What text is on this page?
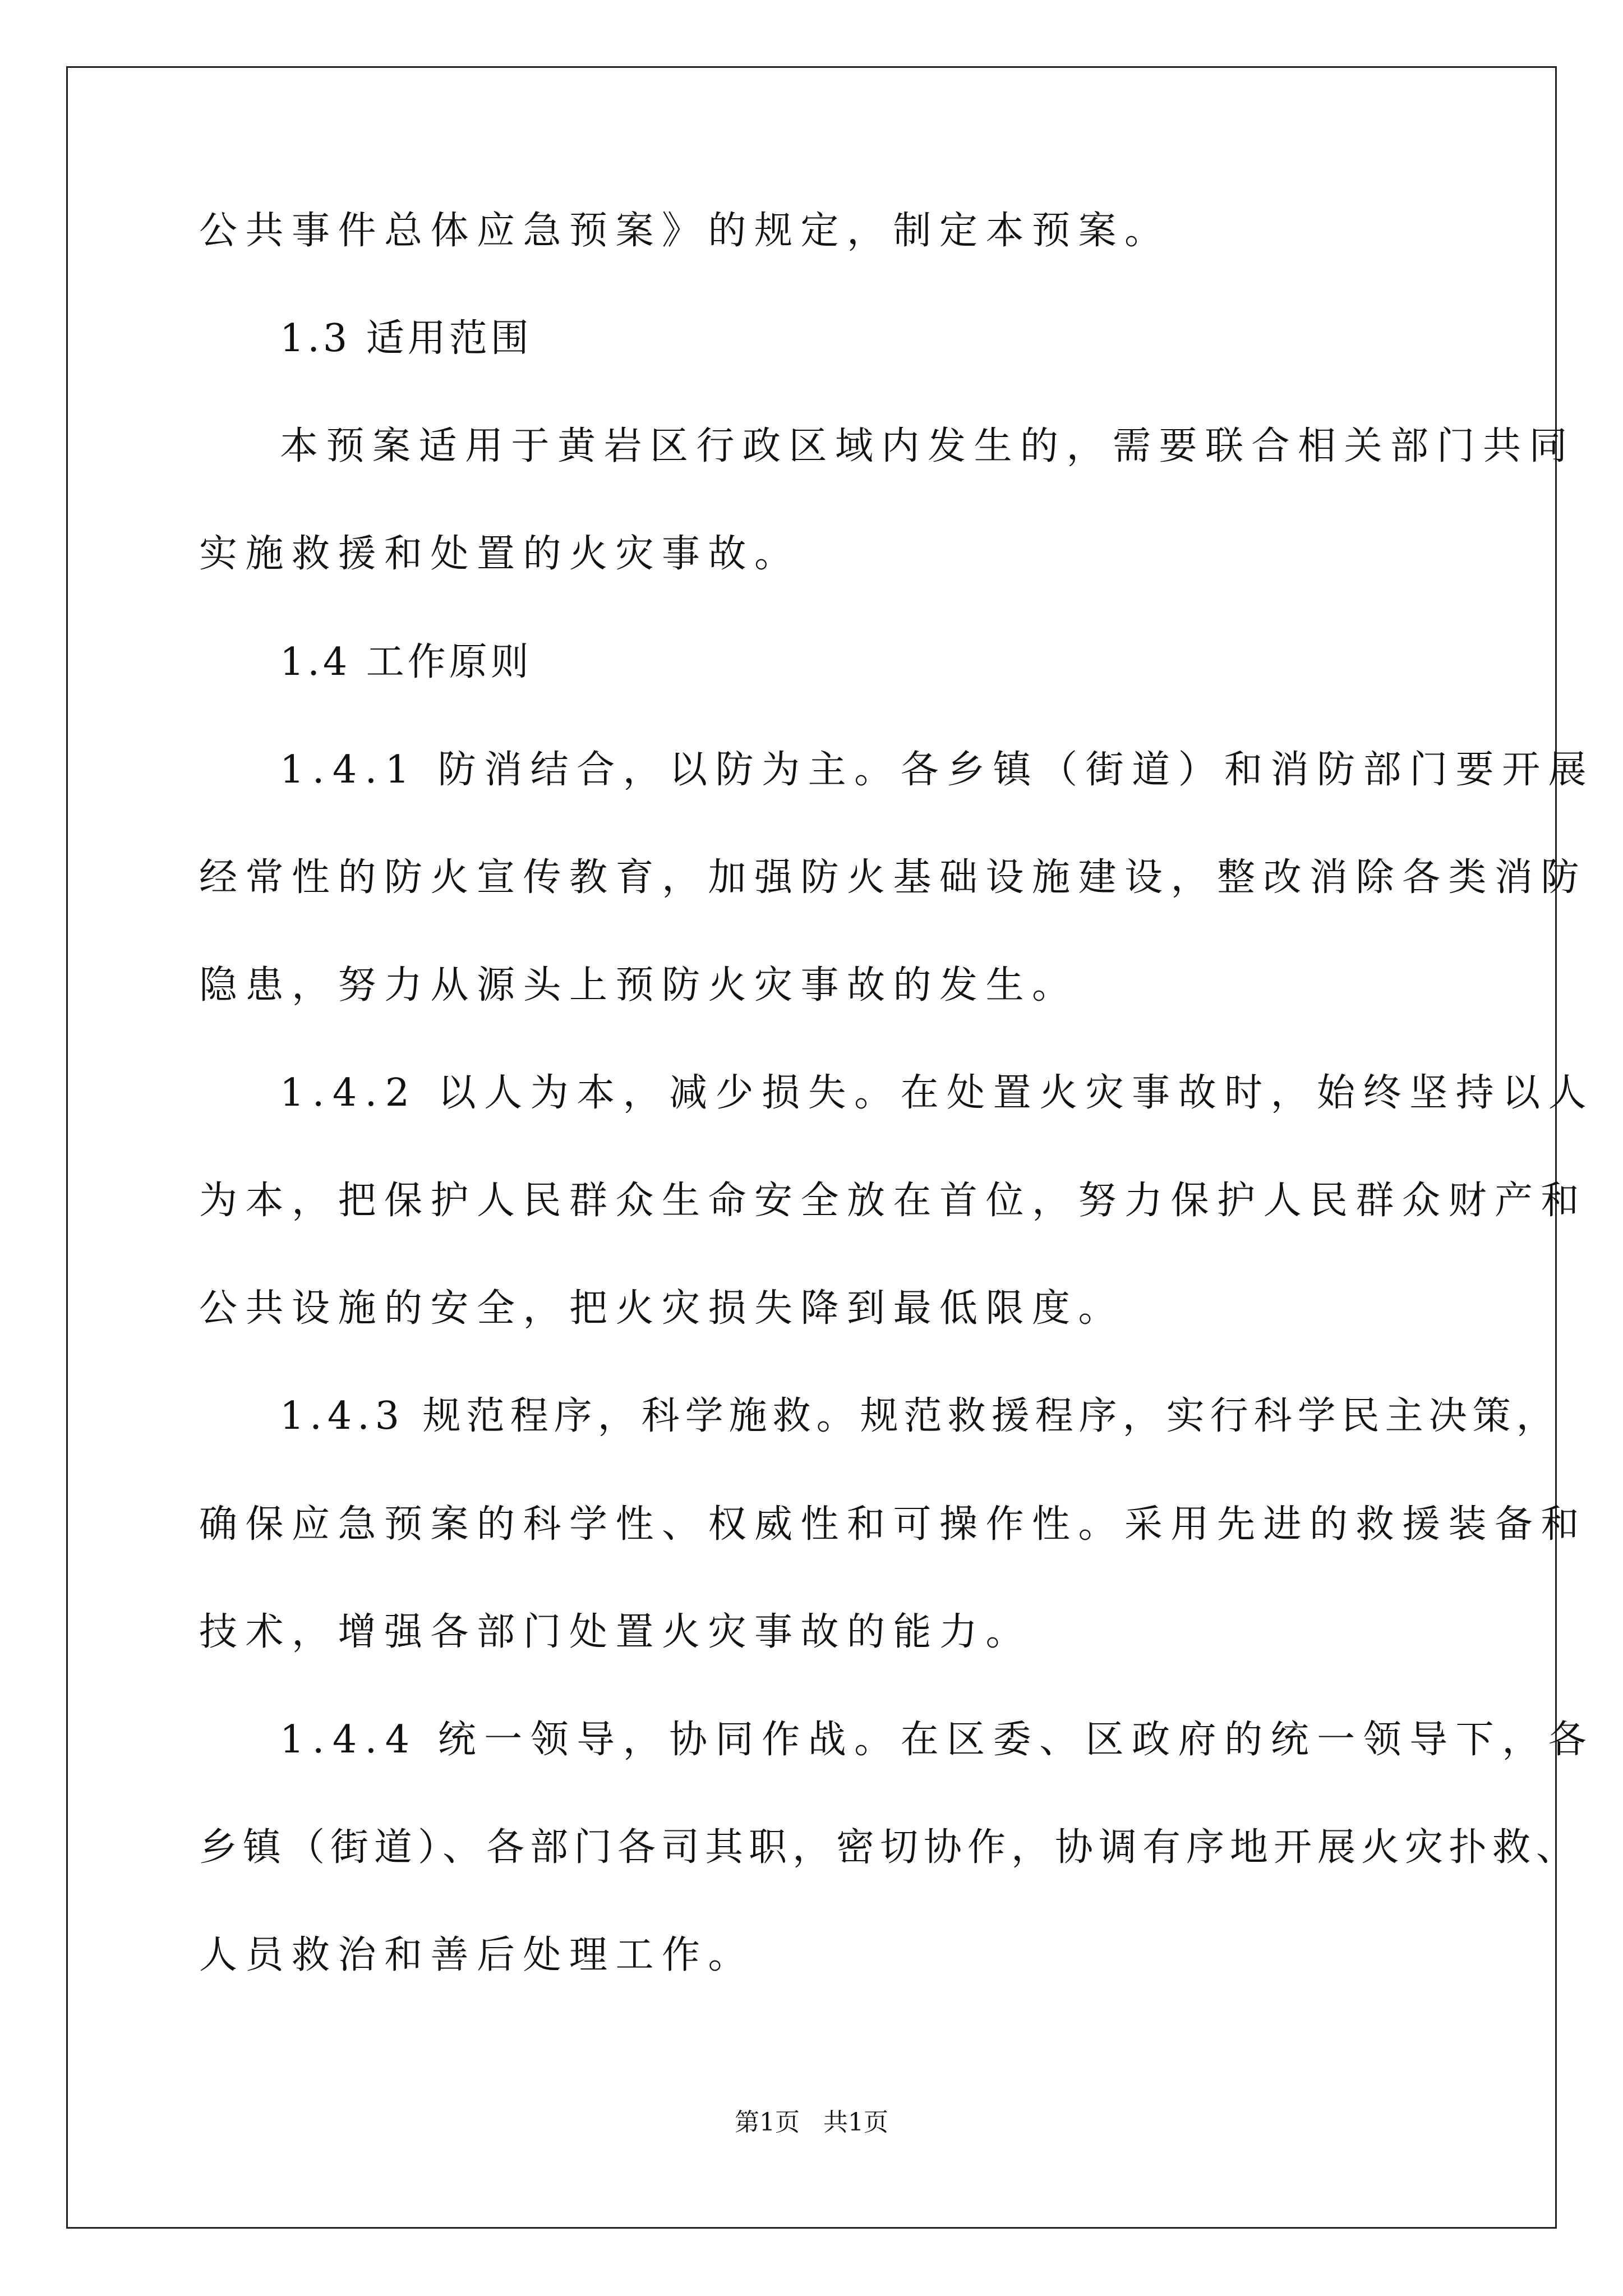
第1页   共1页

公共事件总体应急预案》的规定，制定本预案。

1.3 适用范围

本预案适用于黄岩区行政区域内发生的，需要联合相关部门共同

实施救援和处置的火灾事故。

1.4 工作原则

1.4.1 防消结合，以防为主。各乡镇（街道）和消防部门要开展

经常性的防火宣传教育，加强防火基础设施建设，整改消除各类消防

隐患，努力从源头上预防火灾事故的发生。

1.4.2 以人为本，减少损失。在处置火灾事故时，始终坚持以人

为本，把保护人民群众生命安全放在首位，努力保护人民群众财产和

公共设施的安全，把火灾损失降到最低限度。

1.4.3 规范程序，科学施救。规范救援程序，实行科学民主决策，

确保应急预案的科学性、权威性和可操作性。采用先进的救援装备和

技术，增强各部门处置火灾事故的能力。

1.4.4 统一领导，协同作战。在区委、区政府的统一领导下，各

乡镇（街道）、各部门各司其职，密切协作，协调有序地开展火灾扑救、

人员救治和善后处理工作。
